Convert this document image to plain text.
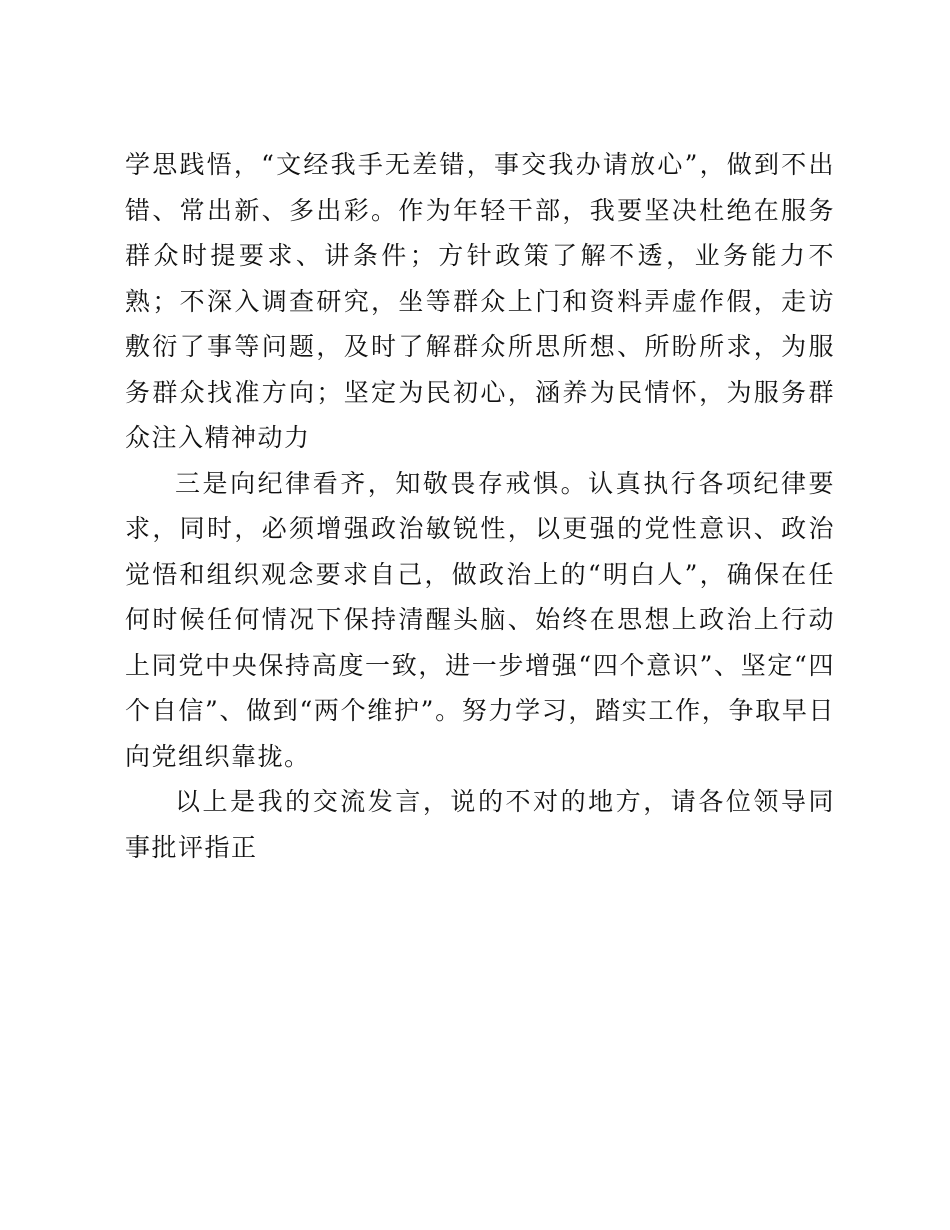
学思践悟，“文经我手无差错，事交我办请放心”，做到不出错、常出新、多出彩。作为年轻干部，我要坚决杜绝在服务群众时提要求、讲条件；方针政策了解不透，业务能力不熟；不深入调查研究，坐等群众上门和资料弄虚作假，走访敷衍了事等问题，及时了解群众所思所想、所盼所求，为服务群众找准方向；坚定为民初心，涵养为民情怀，为服务群众注入精神动力

三是向纪律看齐，知敬畏存戒惧。认真执行各项纪律要求，同时，必须增强政治敏锐性，以更强的党性意识、政治觉悟和组织观念要求自己，做政治上的“明白人”，确保在任何时候任何情况下保持清醒头脑、始终在思想上政治上行动上同党中央保持高度一致，进一步增强“四个意识”、坚定“四个自信”、做到“两个维护”。努力学习，踏实工作，争取早日向党组织靠拢。

以上是我的交流发言，说的不对的地方，请各位领导同事批评指正
